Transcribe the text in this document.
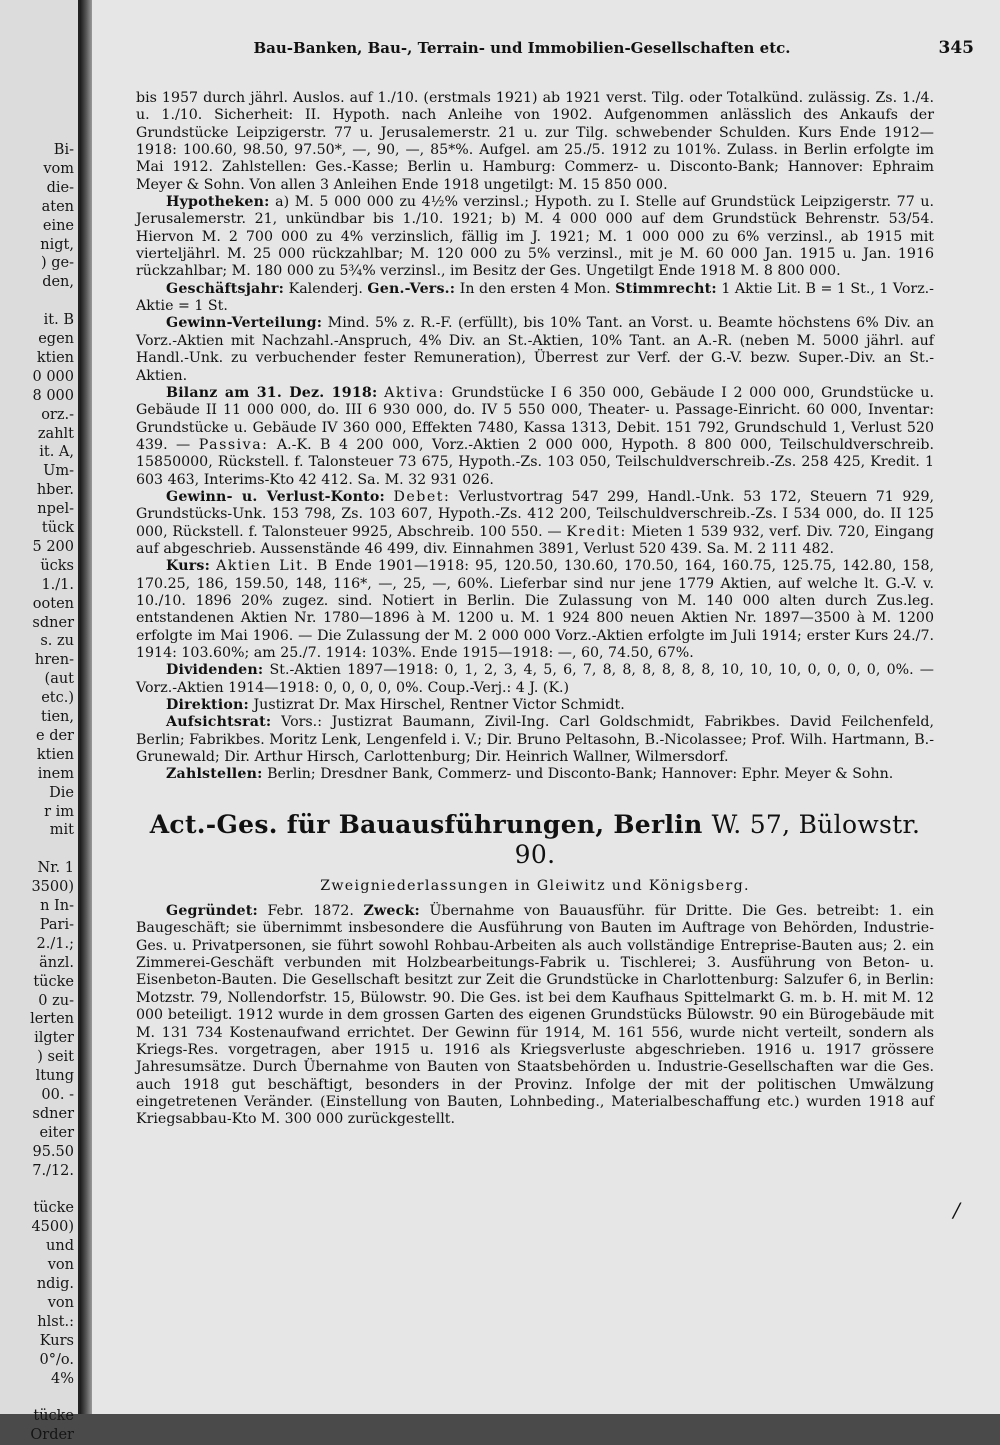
Bi-
vom
die-
aten
eine
nigt,
) ge-
den,
it. B
egen
ktien
0 000
8 000
orz.-
zahlt
it. A,
Um-
hber.
npel-
tück
5 200
ücks
1./1.
ooten
sdner
s. zu
hren-
(aut
etc.)
tien,
e der
ktien
inem
Die
r im
mit
Nr. 1
3500)
n In-
Pari-
2./1.;
änzl.
tücke
0 zu-
lerten
ilgter
) seit
ltung
00. -
sdner
eiter
95.50
7./12.
tücke
4500)
und
von
ndig.
von
hlst.:
Kurs
0°/o.
4%
tücke
Order
Bau-Banken, Bau-, Terrain- und Immobilien-Gesellschaften etc.	345

bis 1957 durch jährl. Auslos. auf 1./10. (erstmals 1921) ab 1921 verst. Tilg. oder Totalkünd. zulässig. Zs. 1./4. u. 1./10. Sicherheit: II. Hypoth. nach Anleihe von 1902. Aufgenommen anlässlich des Ankaufs der Grundstücke Leipzigerstr. 77 u. Jerusalemerstr. 21 u. zur Tilg. schwebender Schulden. Kurs Ende 1912—1918: 100.60, 98.50, 97.50*, —, 90, —, 85*%. Aufgel. am 25./5. 1912 zu 101%. Zulass. in Berlin erfolgte im Mai 1912. Zahlstellen: Ges.-Kasse; Berlin u. Hamburg: Commerz- u. Disconto-Bank; Hannover: Ephraim Meyer & Sohn. Von allen 3 Anleihen Ende 1918 ungetilgt: M. 15 850 000.

Hypotheken: a) M. 5 000 000 zu 4½% verzinsl.; Hypoth. zu I. Stelle auf Grundstück Leipzigerstr. 77 u. Jerusalemerstr. 21, unkündbar bis 1./10. 1921; b) M. 4 000 000 auf dem Grundstück Behrenstr. 53/54. Hiervon M. 2 700 000 zu 4% verzinslich, fällig im J. 1921; M. 1 000 000 zu 6% verzinsl., ab 1915 mit vierteljährl. M. 25 000 rückzahlbar; M. 120 000 zu 5% verzinsl., mit je M. 60 000 Jan. 1915 u. Jan. 1916 rückzahlbar; M. 180 000 zu 5¾% verzinsl., im Besitz der Ges. Ungetilgt Ende 1918 M. 8 800 000.

Geschäftsjahr: Kalenderj. Gen.-Vers.: In den ersten 4 Mon. Stimmrecht: 1 Aktie Lit. B = 1 St., 1 Vorz.-Aktie = 1 St.

Gewinn-Verteilung: Mind. 5% z. R.-F. (erfüllt), bis 10% Tant. an Vorst. u. Beamte höchstens 6% Div. an Vorz.-Aktien mit Nachzahl.-Anspruch, 4% Div. an St.-Aktien, 10% Tant. an A.-R. (neben M. 5000 jährl. auf Handl.-Unk. zu verbuchender fester Remuneration), Überrest zur Verf. der G.-V. bezw. Super.-Div. an St.-Aktien.

Bilanz am 31. Dez. 1918: Aktiva: Grundstücke I 6 350 000, Gebäude I 2 000 000, Grundstücke u. Gebäude II 11 000 000, do. III 6 930 000, do. IV 5 550 000, Theater- u. Passage-Einricht. 60 000, Inventar: Grundstücke u. Gebäude IV 360 000, Effekten 7480, Kassa 1313, Debit. 151 792, Grundschuld 1, Verlust 520 439. — Passiva: A.-K. B 4 200 000, Vorz.-Aktien 2 000 000, Hypoth. 8 800 000, Teilschuldverschreib. 15850000, Rückstell. f. Talonsteuer 73 675, Hypoth.-Zs. 103 050, Teilschuldverschreib.-Zs. 258 425, Kredit. 1 603 463, Interims-Kto 42 412. Sa. M. 32 931 026.

Gewinn- u. Verlust-Konto: Debet: Verlustvortrag 547 299, Handl.-Unk. 53 172, Steuern 71 929, Grundstücks-Unk. 153 798, Zs. 103 607, Hypoth.-Zs. 412 200, Teilschuldverschreib.-Zs. I 534 000, do. II 125 000, Rückstell. f. Talonsteuer 9925, Abschreib. 100 550. — Kredit: Mieten 1 539 932, verf. Div. 720, Eingang auf abgeschrieb. Aussenstände 46 499, div. Einnahmen 3891, Verlust 520 439. Sa. M. 2 111 482.

Kurs: Aktien Lit. B Ende 1901—1918: 95, 120.50, 130.60, 170.50, 164, 160.75, 125.75, 142.80, 158, 170.25, 186, 159.50, 148, 116*, —, 25, —, 60%. Lieferbar sind nur jene 1779 Aktien, auf welche lt. G.-V. v. 10./10. 1896 20% zugez. sind. Notiert in Berlin. Die Zulassung von M. 140 000 alten durch Zus.leg. entstandenen Aktien Nr. 1780—1896 à M. 1200 u. M. 1 924 800 neuen Aktien Nr. 1897—3500 à M. 1200 erfolgte im Mai 1906. — Die Zulassung der M. 2 000 000 Vorz.-Aktien erfolgte im Juli 1914; erster Kurs 24./7. 1914: 103.60%; am 25./7. 1914: 103%. Ende 1915—1918: —, 60, 74.50, 67%.

Dividenden: St.-Aktien 1897—1918: 0, 1, 2, 3, 4, 5, 6, 7, 8, 8, 8, 8, 8, 8, 10, 10, 10, 0, 0, 0, 0, 0%. — Vorz.-Aktien 1914—1918: 0, 0, 0, 0, 0%. Coup.-Verj.: 4 J. (K.)

Direktion: Justizrat Dr. Max Hirschel, Rentner Victor Schmidt.

Aufsichtsrat: Vors.: Justizrat Baumann, Zivil-Ing. Carl Goldschmidt, Fabrikbes. David Feilchenfeld, Berlin; Fabrikbes. Moritz Lenk, Lengenfeld i. V.; Dir. Bruno Peltasohn, B.-Nicolassee; Prof. Wilh. Hartmann, B.-Grunewald; Dir. Arthur Hirsch, Carlottenburg; Dir. Heinrich Wallner, Wilmersdorf.

Zahlstellen: Berlin; Dresdner Bank, Commerz- und Disconto-Bank; Hannover: Ephr. Meyer & Sohn.

Act.-Ges. für Bauausführungen, Berlin W. 57, Bülowstr. 90.
Zweigniederlassungen in Gleiwitz und Königsberg.

Gegründet: Febr. 1872. Zweck: Übernahme von Bauausführ. für Dritte. Die Ges. betreibt: 1. ein Baugeschäft; sie übernimmt insbesondere die Ausführung von Bauten im Auftrage von Behörden, Industrie-Ges. u. Privatpersonen, sie führt sowohl Rohbau-Arbeiten als auch vollständige Entreprise-Bauten aus; 2. ein Zimmerei-Geschäft verbunden mit Holzbearbeitungs-Fabrik u. Tischlerei; 3. Ausführung von Beton- u. Eisenbeton-Bauten. Die Gesellschaft besitzt zur Zeit die Grundstücke in Charlottenburg: Salzufer 6, in Berlin: Motzstr. 79, Nollendorfstr. 15, Bülowstr. 90. Die Ges. ist bei dem Kaufhaus Spittelmarkt G. m. b. H. mit M. 12 000 beteiligt. 1912 wurde in dem grossen Garten des eigenen Grundstücks Bülowstr. 90 ein Bürogebäude mit M. 131 734 Kostenaufwand errichtet. Der Gewinn für 1914, M. 161 556, wurde nicht verteilt, sondern als Kriegs-Res. vorgetragen, aber 1915 u. 1916 als Kriegsverluste abgeschrieben. 1916 u. 1917 grössere Jahresumsätze. Durch Übernahme von Bauten von Staatsbehörden u. Industrie-Gesellschaften war die Ges. auch 1918 gut beschäftigt, besonders in der Provinz. Infolge der mit der politischen Umwälzung eingetretenen Veränder. (Einstellung von Bauten, Lohnbeding., Materialbeschaffung etc.) wurden 1918 auf Kriegsabbau-Kto M. 300 000 zurückgestellt.

/
